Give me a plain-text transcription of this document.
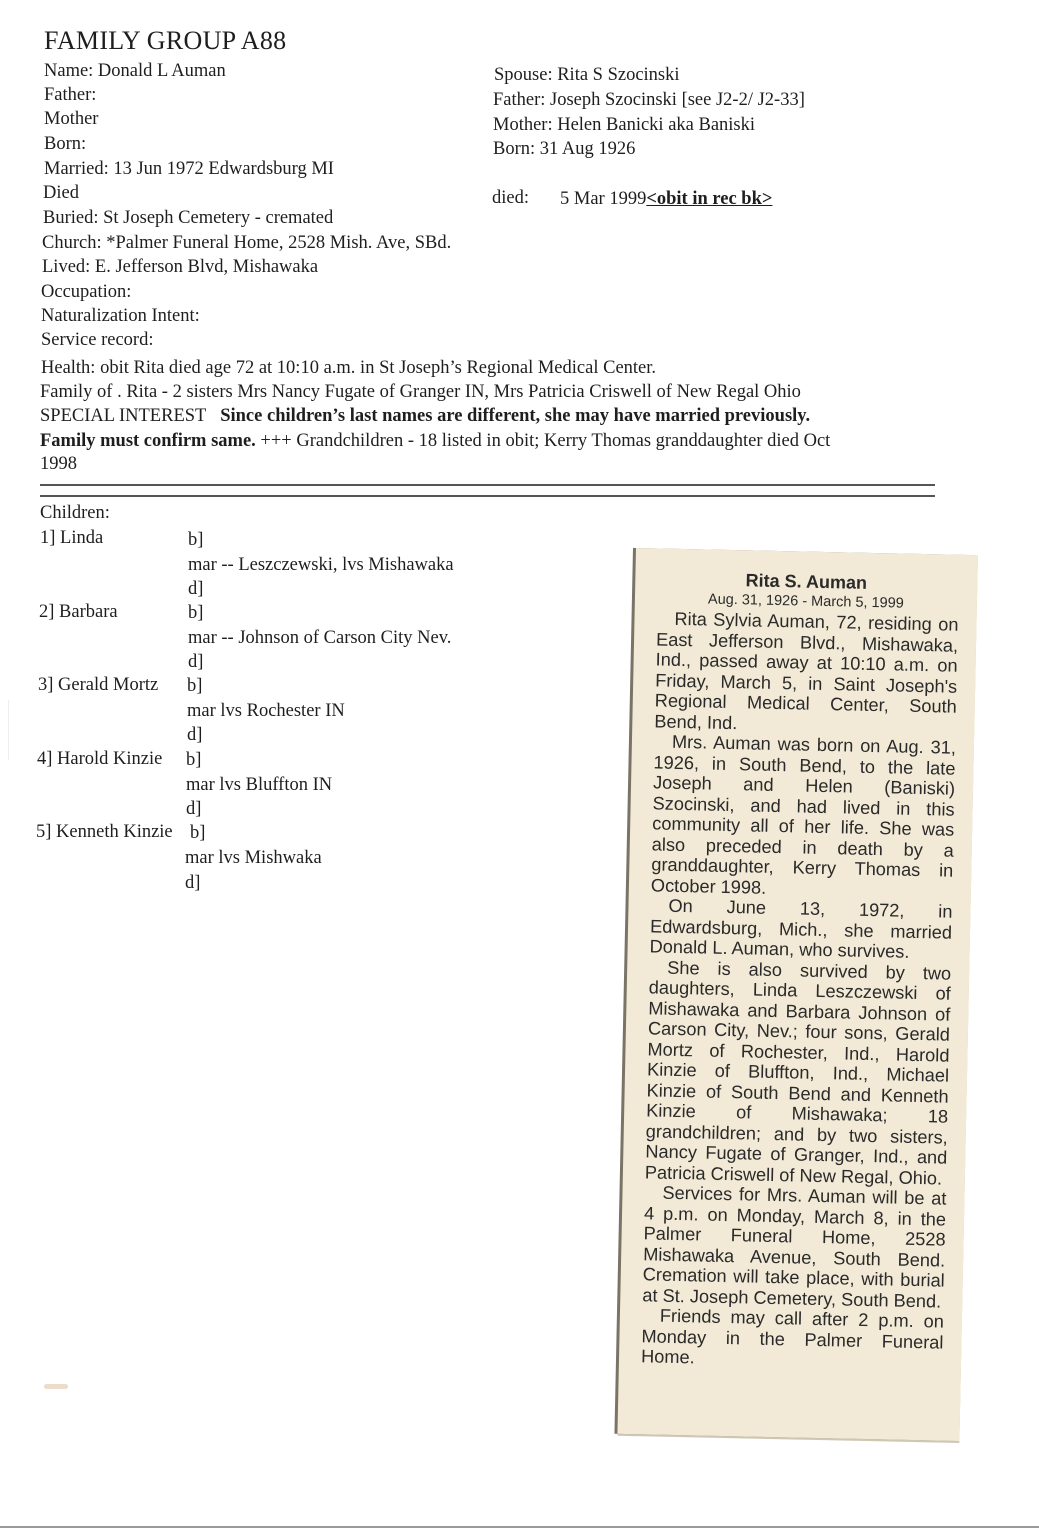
FAMILY GROUP A88
Name: Donald L Auman
Father:
Mother
Born:
Married: 13 Jun 1972 Edwardsburg MI
Died
Buried: St Joseph Cemetery - cremated
Church: *Palmer Funeral Home, 2528 Mish. Ave, SBd.
Lived: E. Jefferson Blvd, Mishawaka
Occupation:
Naturalization Intent:
Service record:
Health: obit Rita died age 72 at 10:10 a.m. in St Joseph’s Regional Medical Center.
Family of . Rita - 2 sisters Mrs Nancy Fugate of Granger IN, Mrs Patricia Criswell of New Regal Ohio
SPECIAL INTEREST Since children’s last names are different, she may have married previously.
Family must confirm same. +++ Grandchildren - 18 listed in obit; Kerry Thomas granddaughter died Oct
1998
Spouse: Rita S Szocinski
Father: Joseph Szocinski [see J2-2/ J2-33]
Mother: Helen Banicki aka Baniski
Born: 31 Aug 1926
died: 5 Mar 1999<obit in rec bk>
Children:
1] Linda	b]
mar -- Leszczewski, lvs Mishawaka
d]
2] Barbara	b]
mar -- Johnson of Carson City Nev.
d]
3] Gerald Mortz b]
mar lvs Rochester IN
d]
4] Harold Kinzie b]
mar lvs Bluffton IN
d]
5] Kenneth Kinzie b]
mar lvs Mishwaka
d]
Rita S. Auman
Aug. 31, 1926 - March 5, 1999

Rita Sylvia Auman, 72, residing on East Jefferson Blvd., Mishawaka, Ind., passed away at 10:10 a.m. on Friday, March 5, in Saint Joseph's Regional Medical Center, South Bend, Ind.

Mrs. Auman was born on Aug. 31, 1926, in South Bend, to the late Joseph and Helen (Baniski) Szocinski, and had lived in this community all of her life. She was also preceded in death by a granddaughter, Kerry Thomas in October 1998.

On June 13, 1972, in Edwardsburg, Mich., she married Donald L. Auman, who survives.

She is also survived by two daughters, Linda Leszczewski of Mishawaka and Barbara Johnson of Carson City, Nev.; four sons, Gerald Mortz of Rochester, Ind., Harold Kinzie of Bluffton, Ind., Michael Kinzie of South Bend and Kenneth Kinzie of Mishawaka; 18 grandchildren; and by two sisters, Nancy Fugate of Granger, Ind., and Patricia Criswell of New Regal, Ohio.

Services for Mrs. Auman will be at 4 p.m. on Monday, March 8, in the Palmer Funeral Home, 2528 Mishawaka Avenue, South Bend. Cremation will take place, with burial at St. Joseph Cemetery, South Bend.

Friends may call after 2 p.m. on Monday in the Palmer Funeral Home.
